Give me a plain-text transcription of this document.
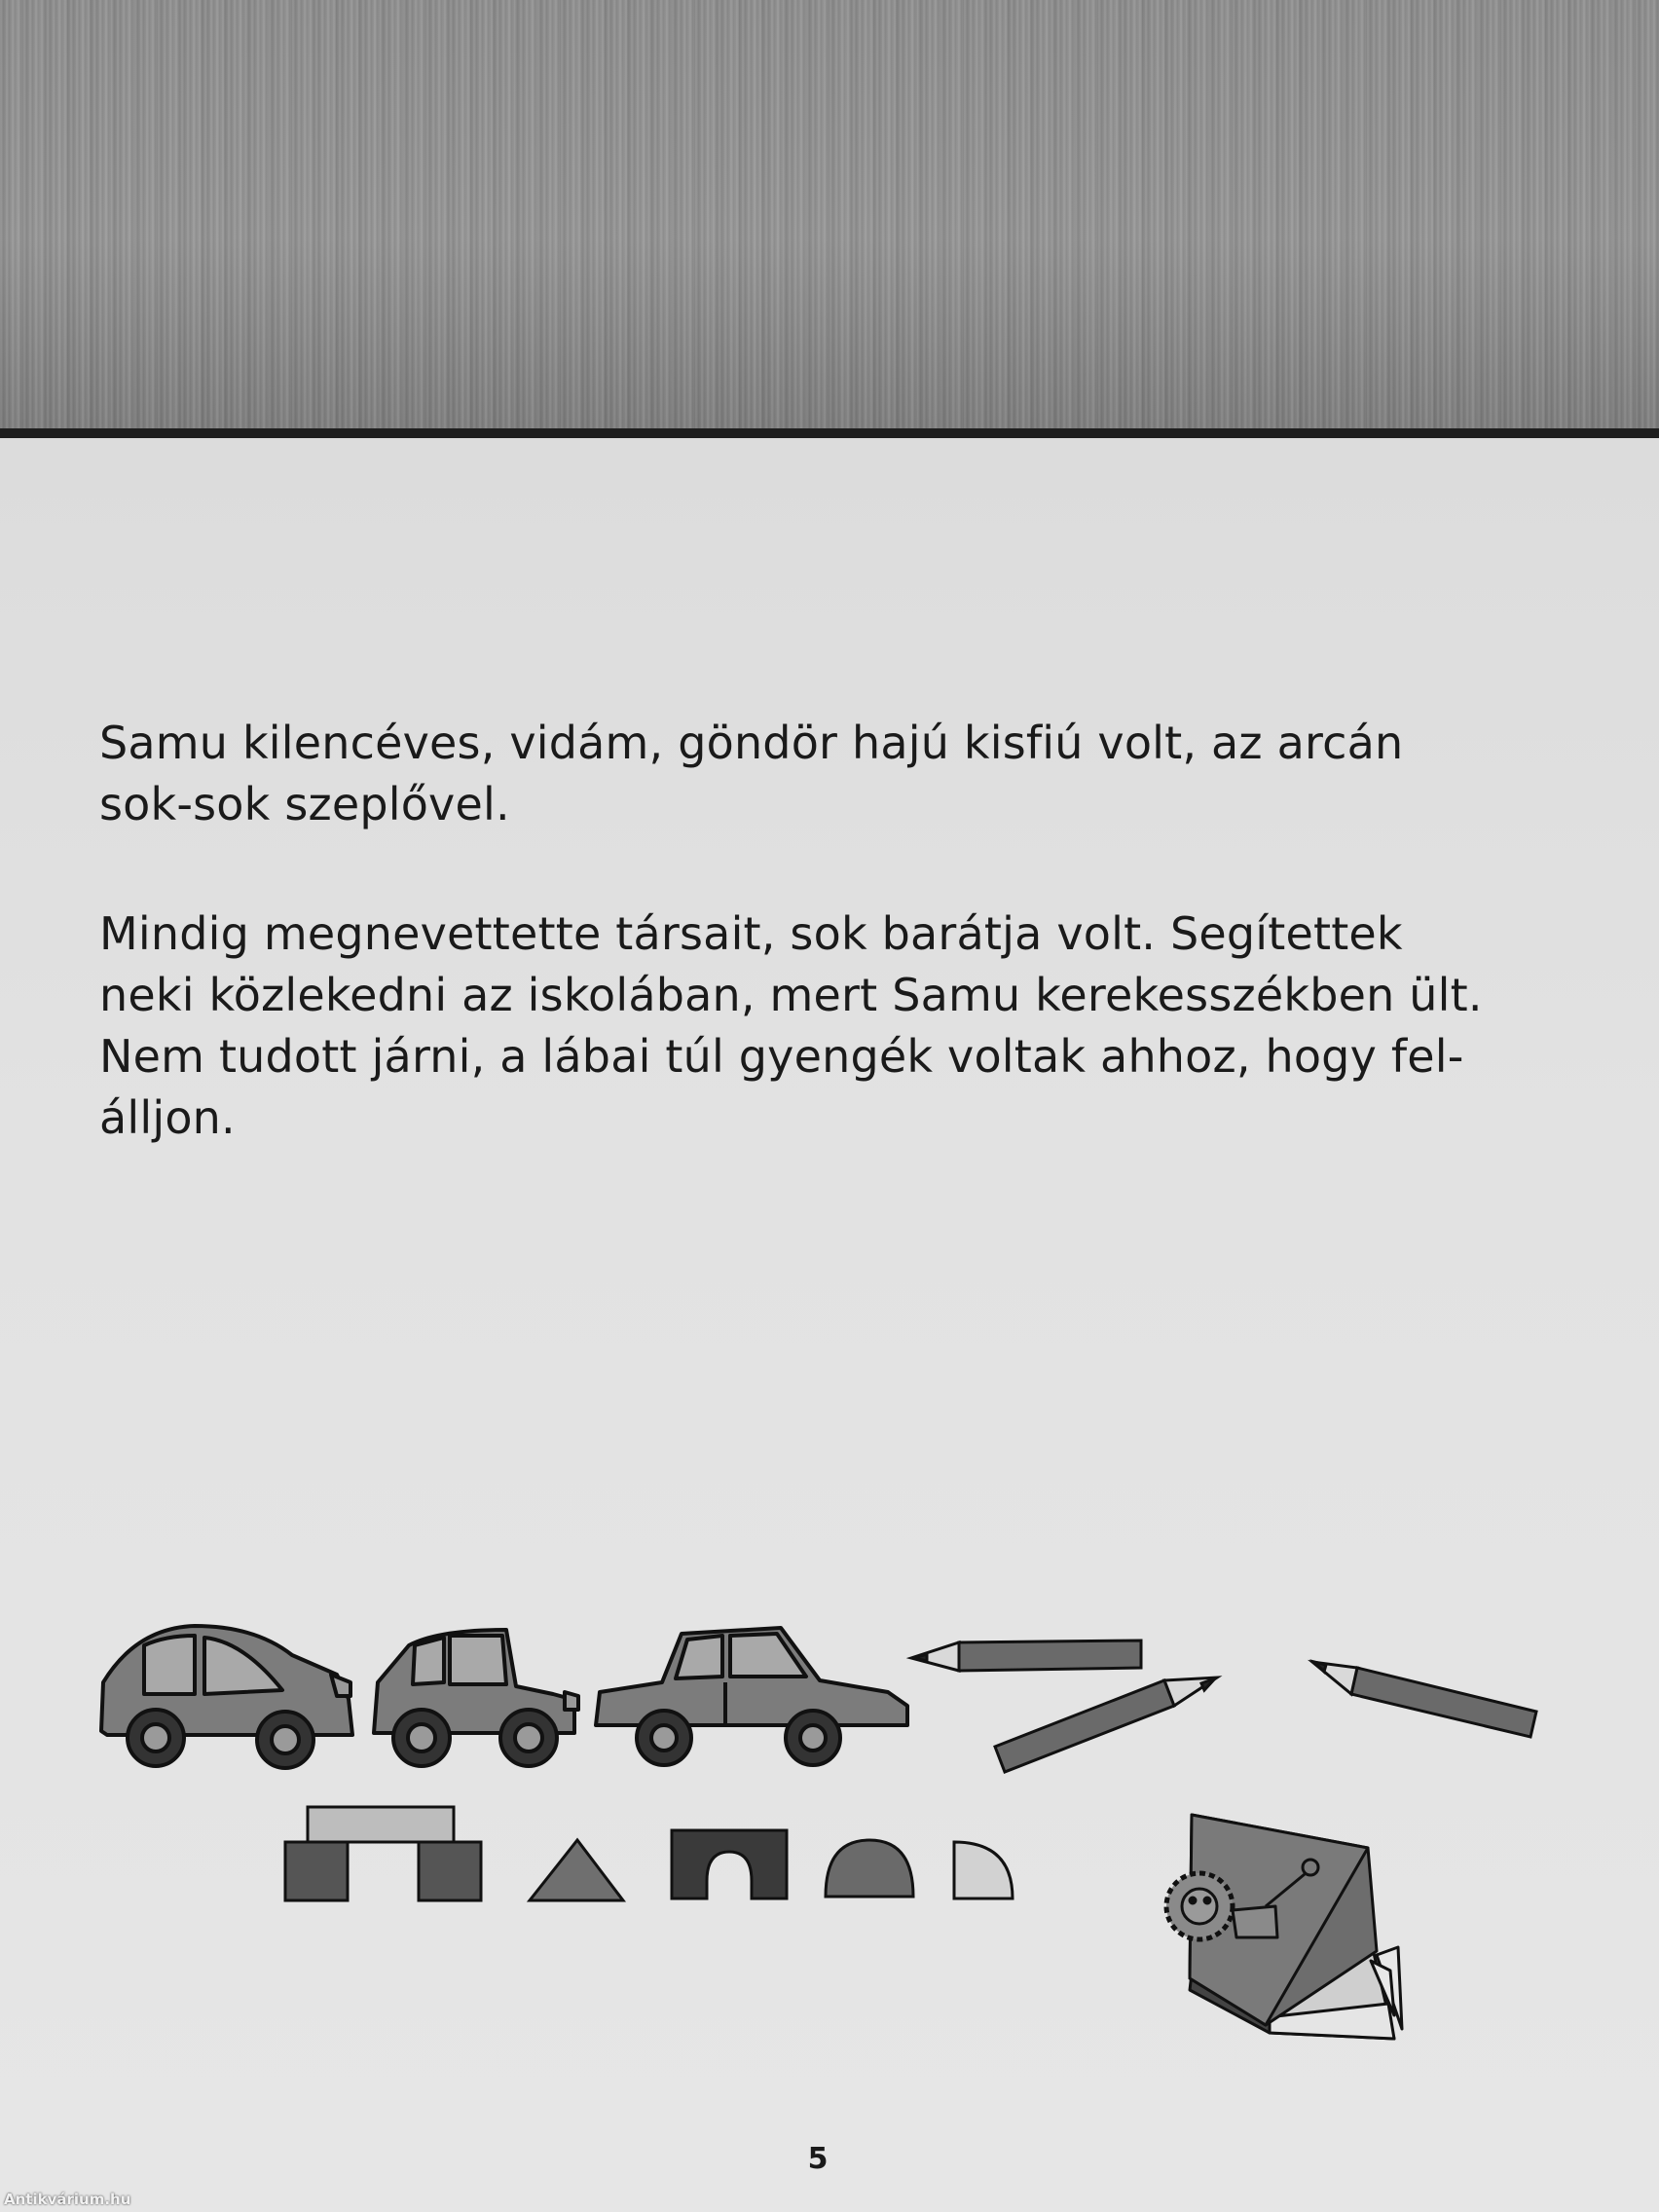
Samu kilencéves, vidám, göndör hajú kisfiú volt, az arcán
sok-sok szeplővel.

Mindig megnevettette társait, sok barátja volt. Segítettek
neki közlekedni az iskolában, mert Samu kerekesszékben ült.
Nem tudott járni, a lábai túl gyengék voltak ahhoz, hogy fel-
álljon.

5
Antikvárium.hu
